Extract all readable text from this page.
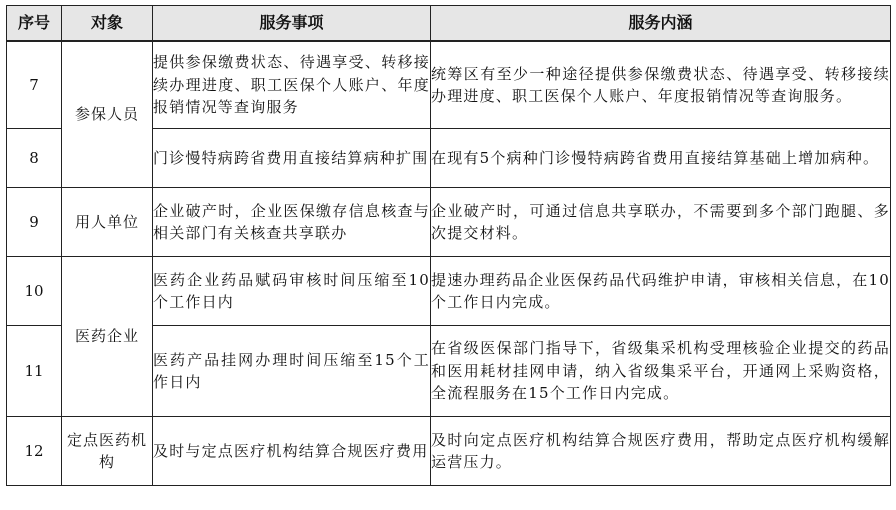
序号	对象	服务事项	服务内涵
7	参保人员	提供参保缴费状态、待遇享受、转移接续办理进度、职工医保个人账户、年度报销情况等查询服务	统筹区有至少一种途径提供参保缴费状态、待遇享受、转移接续办理进度、职工医保个人账户、年度报销情况等查询服务。
8		门诊慢特病跨省费用直接结算病种扩围	在现有5个病种门诊慢特病跨省费用直接结算基础上增加病种。
9	用人单位	企业破产时，企业医保缴存信息核查与相关部门有关核查共享联办	企业破产时，可通过信息共享联办，不需要到多个部门跑腿、多次提交材料。
10	医药企业	医药企业药品赋码审核时间压缩至10个工作日内	提速办理药品企业医保药品代码维护申请，审核相关信息，在10个工作日内完成。
11		医药产品挂网办理时间压缩至15个工作日内	在省级医保部门指导下，省级集采机构受理核验企业提交的药品和医用耗材挂网申请，纳入省级集采平台，开通网上采购资格，全流程服务在15个工作日内完成。
12	定点医药机构	及时与定点医疗机构结算合规医疗费用	及时向定点医疗机构结算合规医疗费用，帮助定点医疗机构缓解运营压力。
